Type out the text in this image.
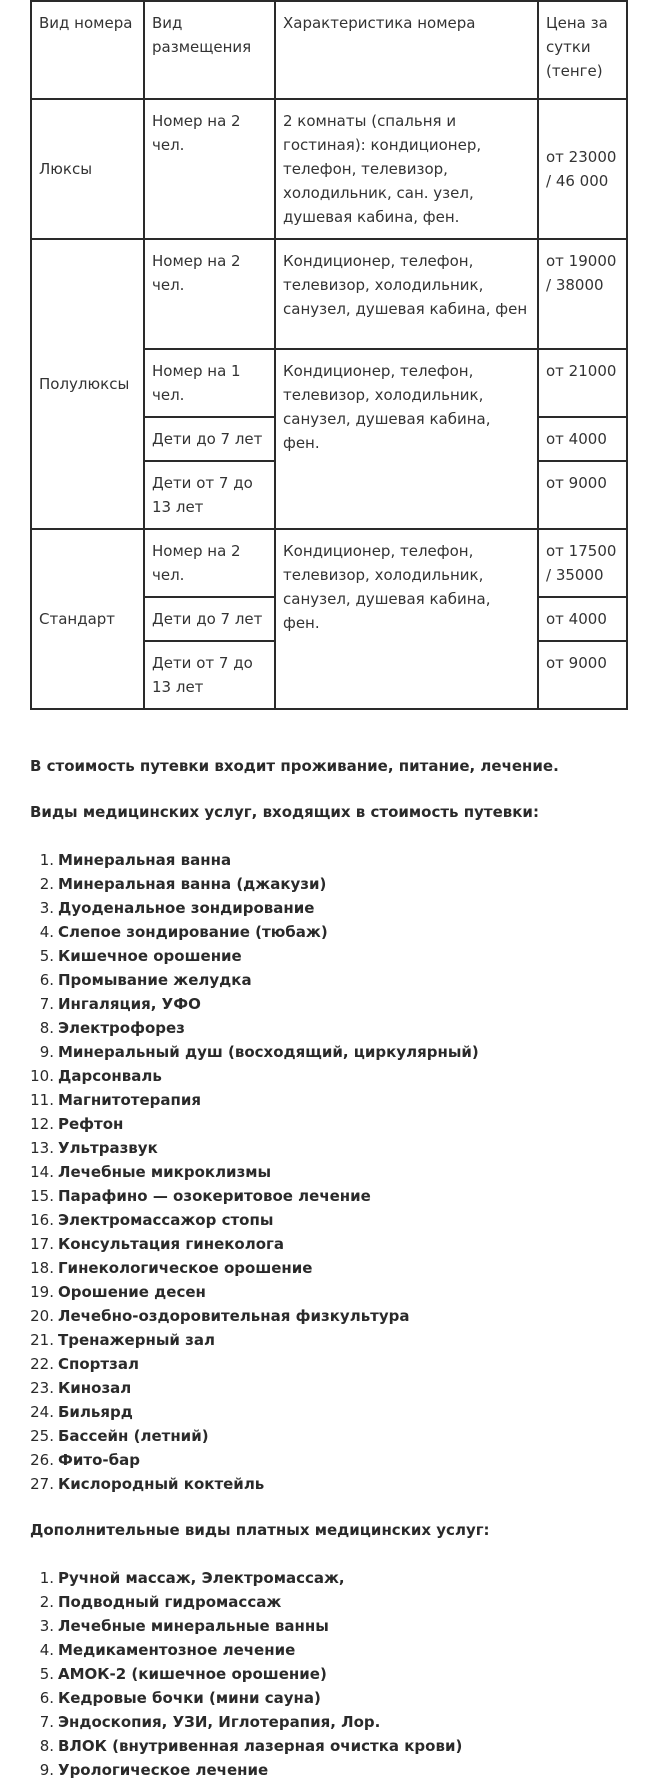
Вид номера	Вид размещения	Характеристика номера	Цена за сутки (тенге)
Люксы	Номер на 2 чел.	2 комнаты (спальня и гостиная): кондиционер, телефон, телевизор, холодильник, сан. узел, душевая кабина, фен.	от 23000 / 46 000
Полулюксы	Номер на 2 чел.	Кондиционер, телефон, телевизор, холодильник, санузел, душевая кабина, фен	от 19000 / 38000
	Номер на 1 чел.	Кондиционер, телефон, телевизор, холодильник, санузел, душевая кабина, фен.	от 21000
	Дети до 7 лет		от 4000
	Дети от 7 до 13 лет		от 9000
Стандарт	Номер на 2 чел.	Кондиционер, телефон, телевизор, холодильник, санузел, душевая кабина, фен.	от 17500 / 35000
	Дети до 7 лет		от 4000
	Дети от 7 до 13 лет		от 9000

В стоимость путевки входит проживание, питание, лечение.

Виды медицинских услуг, входящих в стоимость путевки:

1. Минеральная ванна
2. Минеральная ванна (джакузи)
3. Дуоденальное зондирование
4. Слепое зондирование (тюбаж)
5. Кишечное орошение
6. Промывание желудка
7. Ингаляция, УФО
8. Электрофорез
9. Минеральный душ (восходящий, циркулярный)
10. Дарсонваль
11. Магнитотерапия
12. Рефтон
13. Ультразвук
14. Лечебные микроклизмы
15. Парафино — озокеритовое лечение
16. Электромассажор стопы
17. Консультация гинеколога
18. Гинекологическое орошение
19. Орошение десен
20. Лечебно-оздоровительная физкультура
21. Тренажерный зал
22. Спортзал
23. Кинозал
24. Бильярд
25. Бассейн (летний)
26. Фито-бар
27. Кислородный коктейль

Дополнительные виды платных медицинских услуг:

1. Ручной массаж, Электромассаж,
2. Подводный гидромассаж
3. Лечебные минеральные ванны
4. Медикаментозное лечение
5. АМОК-2 (кишечное орошение)
6. Кедровые бочки (мини сауна)
7. Эндоскопия, УЗИ, Иглотерапия, Лор.
8. ВЛОК (внутривенная лазерная очистка крови)
9. Урологическое лечение
